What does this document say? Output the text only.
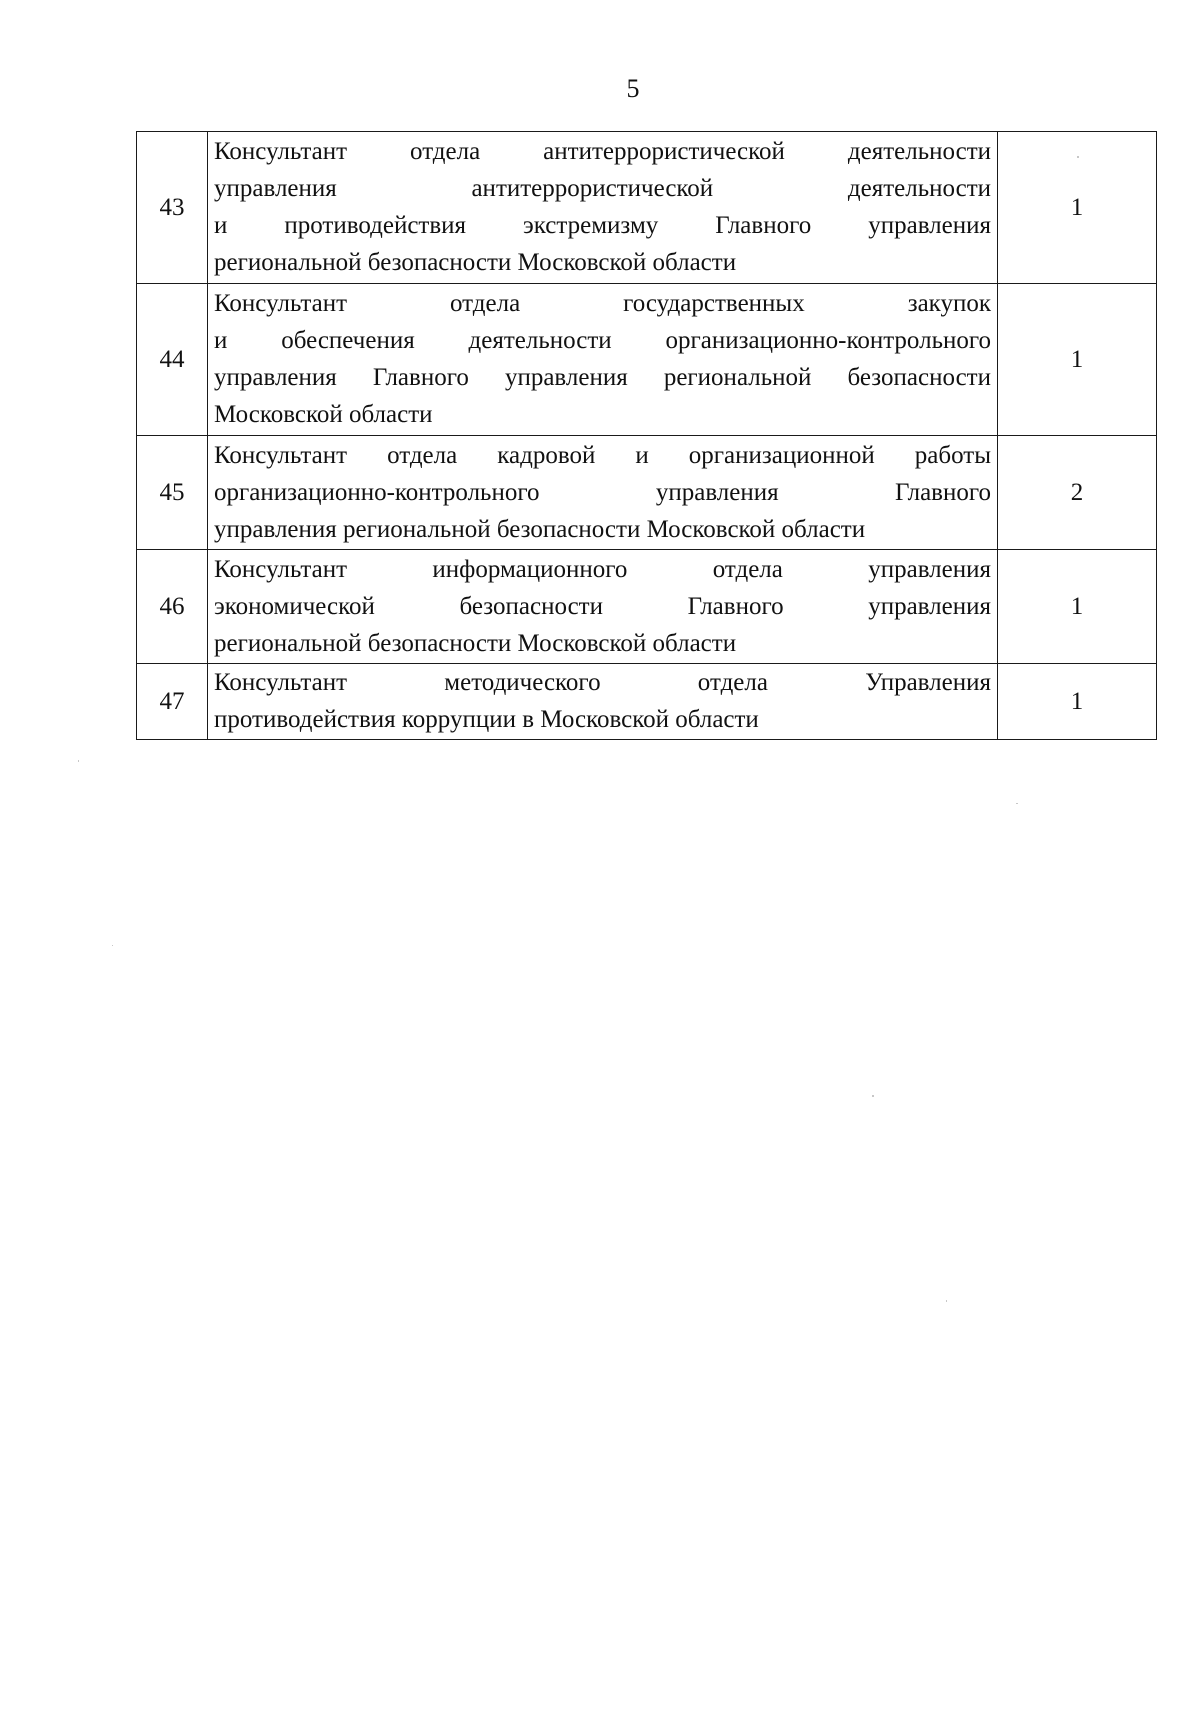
5
43	Консультант отдела антитеррористической деятельности
управления антитеррористической деятельности
и противодействия экстремизму Главного управления
региональной безопасности Московской области	1
44	Консультант отдела государственных закупок
и обеспечения деятельности организационно-контрольного
управления Главного управления региональной безопасности
Московской области	1
45	Консультант отдела кадровой и организационной работы
организационно-контрольного управления Главного
управления региональной безопасности Московской области	2
46	Консультант информационного отдела управления
экономической безопасности Главного управления
региональной безопасности Московской области	1
47	Консультант методического отдела Управления
противодействия коррупции в Московской области	1
